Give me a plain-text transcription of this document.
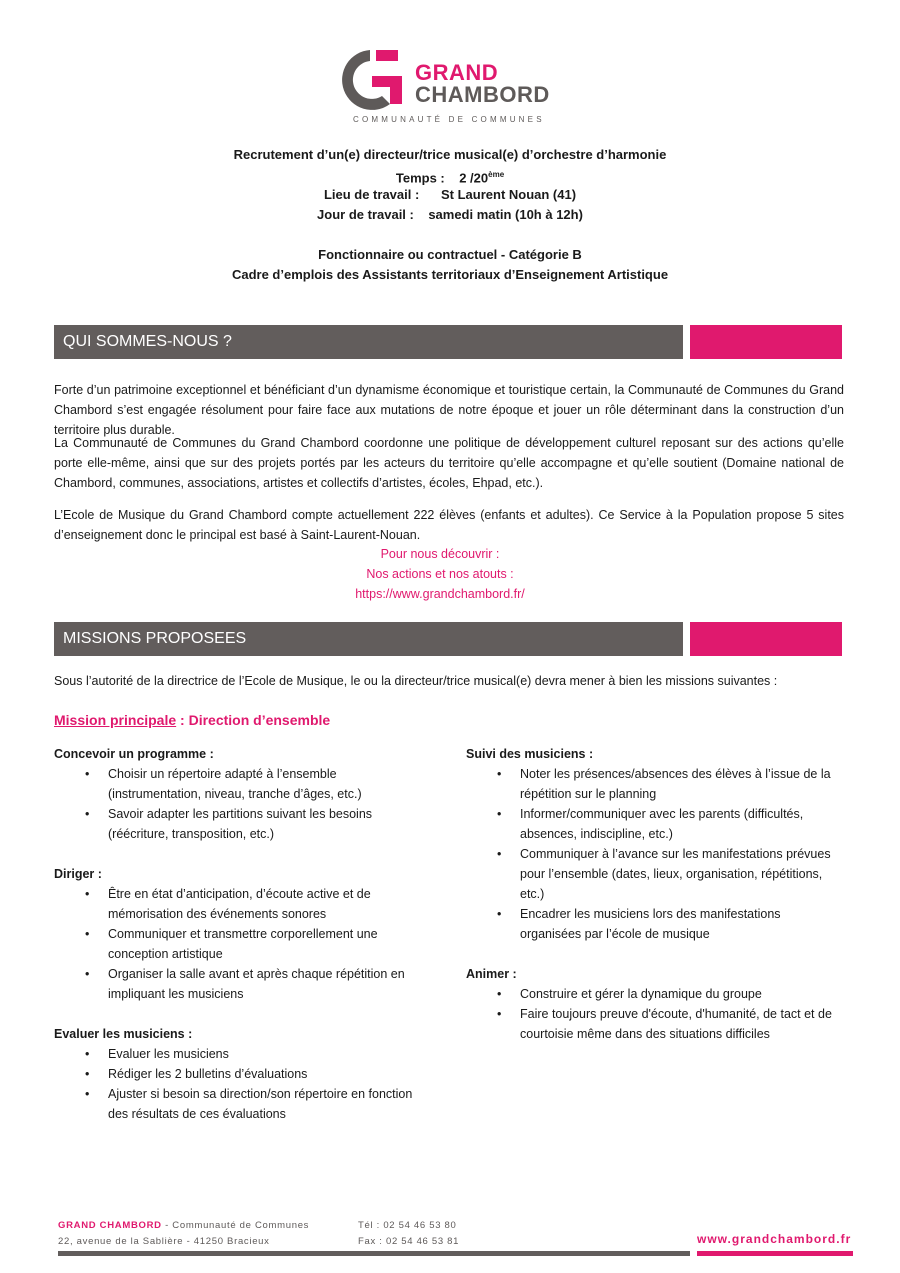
GRAND
CHAMBORD
COMMUNAUTÉ DE COMMUNES
Recrutement d’un(e) directeur/trice musical(e) d’orchestre d’harmonie
Temps : 2 /20ème
Lieu de travail : St Laurent Nouan (41)
Jour de travail : samedi matin (10h à 12h)
Fonctionnaire ou contractuel - Catégorie B
Cadre d’emplois des Assistants territoriaux d’Enseignement Artistique
QUI SOMMES-NOUS ?
Forte d’un patrimoine exceptionnel et bénéficiant d’un dynamisme économique et touristique certain, la Communauté de Communes du Grand Chambord s’est engagée résolument pour faire face aux mutations de notre époque et jouer un rôle déterminant dans la construction d’un territoire plus durable.
La Communauté de Communes du Grand Chambord coordonne une politique de développement culturel reposant sur des actions qu’elle porte elle-même, ainsi que sur des projets portés par les acteurs du territoire qu’elle accompagne et qu’elle soutient (Domaine national de Chambord, communes, associations, artistes et collectifs d’artistes, écoles, Ehpad, etc.).
L’Ecole de Musique du Grand Chambord compte actuellement 222 élèves (enfants et adultes). Ce Service à la Population propose 5 sites d’enseignement donc le principal est basé à Saint-Laurent-Nouan.
Pour nous découvrir :
Nos actions et nos atouts :
https://www.grandchambord.fr/
MISSIONS PROPOSEES
Sous l’autorité de la directrice de l’Ecole de Musique, le ou la directeur/trice musical(e) devra mener à bien les missions suivantes :
Mission principale : Direction d’ensemble
Concevoir un programme :
• Choisir un répertoire adapté à l’ensemble (instrumentation, niveau, tranche d’âges, etc.)
• Savoir adapter les partitions suivant les besoins (réécriture, transposition, etc.)
Diriger :
• Être en état d’anticipation, d’écoute active et de mémorisation des événements sonores
• Communiquer et transmettre corporellement une conception artistique
• Organiser la salle avant et après chaque répétition en impliquant les musiciens
Evaluer les musiciens :
• Evaluer les musiciens
• Rédiger les 2 bulletins d’évaluations
• Ajuster si besoin sa direction/son répertoire en fonction des résultats de ces évaluations
Suivi des musiciens :
• Noter les présences/absences des élèves à l’issue de la répétition sur le planning
• Informer/communiquer avec les parents (difficultés, absences, indiscipline, etc.)
• Communiquer à l’avance sur les manifestations prévues pour l’ensemble (dates, lieux, organisation, répétitions, etc.)
• Encadrer les musiciens lors des manifestations organisées par l’école de musique
Animer :
• Construire et gérer la dynamique du groupe
• Faire toujours preuve d'écoute, d'humanité, de tact et de courtoisie même dans des situations difficiles
GRAND CHAMBORD - Communauté de Communes
22, avenue de la Sablière - 41250 Bracieux
Tél : 02 54 46 53 80
Fax : 02 54 46 53 81	www.grandchambord.fr
